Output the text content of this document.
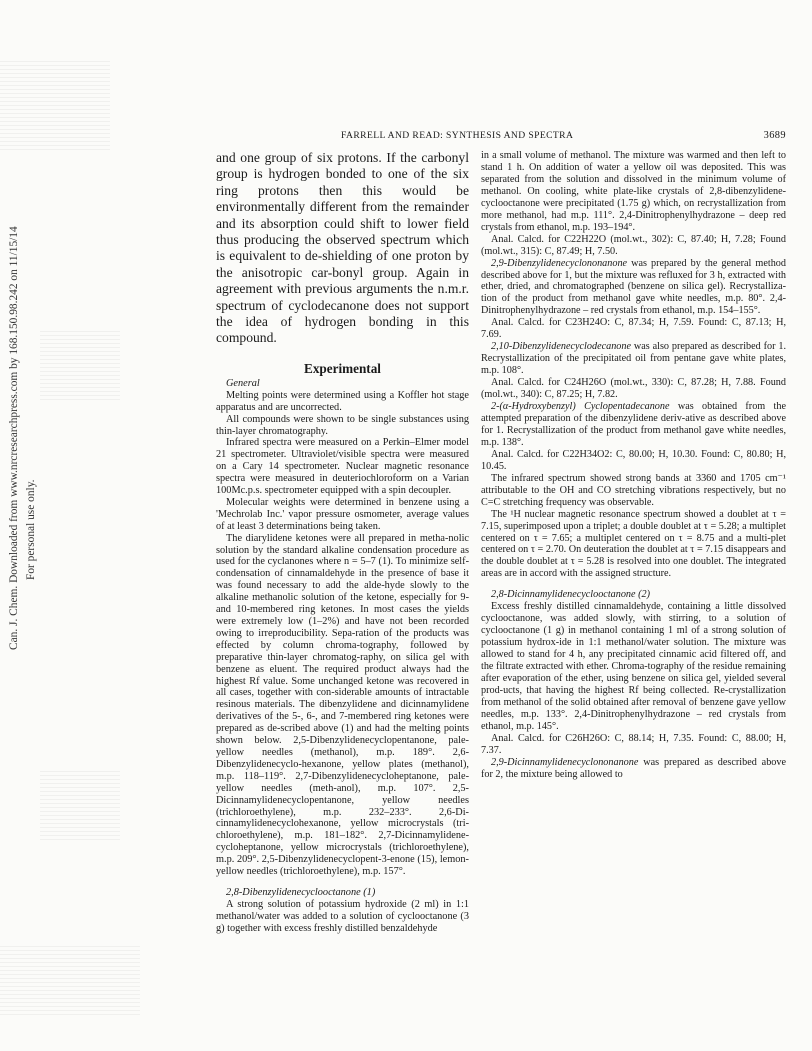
Can. J. Chem. Downloaded from www.nrcresearchpress.com by 168.150.98.242 on 11/15/14 For personal use only.
FARRELL AND READ: SYNTHESIS AND SPECTRA	3689

and one group of six protons. If the carbonyl group is hydrogen bonded to one of the six ring protons then this would be environmentally different from the remainder and its absorption could shift to lower field thus producing the observed spectrum which is equivalent to de-shielding of one proton by the anisotropic car-bonyl group. Again in agreement with previous arguments the n.m.r. spectrum of cyclodecanone does not support the idea of hydrogen bonding in this compound.

Experimental

General

Melting points were determined using a Koffler hot stage apparatus and are uncorrected.

All compounds were shown to be single substances using thin-layer chromatography.

Infrared spectra were measured on a Perkin–Elmer model 21 spectrometer. Ultraviolet/visible spectra were measured on a Cary 14 spectrometer. Nuclear magnetic resonance spectra were measured in deuteriochloroform on a Varian 100Mc.p.s. spectrometer equipped with a spin decoupler.

Molecular weights were determined in benzene using a 'Mechrolab Inc.' vapor pressure osmometer, average values of at least 3 determinations being taken.

The diarylidene ketones were all prepared in metha-nolic solution by the standard alkaline condensation procedure as used for the cyclanones where n = 5–7 (1). To minimize self-condensation of cinnamaldehyde in the presence of base it was found necessary to add the alde-hyde slowly to the alkaline methanolic solution of the ketone, especially for 9- and 10-membered ring ketones. In most cases the yields were extremely low (1–2%) and have not been recorded owing to irreproducibility. Sepa-ration of the products was effected by column chroma-tography, followed by preparative thin-layer chromatog-raphy, on silica gel with benzene as eluent. The required product always had the highest Rf value. Some unchanged ketone was recovered in all cases, together with con-siderable amounts of intractable resinous materials. The dibenzylidene and dicinnamylidene derivatives of the 5-, 6-, and 7-membered ring ketones were prepared as de-scribed above (1) and had the melting points shown below. 2,5-Dibenzylidenecyclopentanone, pale-yellow needles (methanol), m.p. 189°. 2,6-Dibenzylidenecyclo-hexanone, yellow plates (methanol), m.p. 118–119°. 2,7-Dibenzylidenecycloheptanone, pale-yellow needles (meth-anol), m.p. 107°. 2,5-Dicinnamylidenecyclopentanone, yellow needles (trichloroethylene), m.p. 232–233°. 2,6-Di-cinnamylidenecyclohexanone, yellow microcrystals (tri-chloroethylene), m.p. 181–182°. 2,7-Dicinnamylidene-cycloheptanone, yellow microcrystals (trichloroethylene), m.p. 209°. 2,5-Dibenzylidenecyclopent-3-enone (15), lemon-yellow needles (trichloroethylene), m.p. 157°.

2,8-Dibenzylidenecyclooctanone (1)

A strong solution of potassium hydroxide (2 ml) in 1:1 methanol/water was added to a solution of cyclooctanone (3 g) together with excess freshly distilled benzaldehyde

in a small volume of methanol. The mixture was warmed and then left to stand 1 h. On addition of water a yellow oil was deposited. This was separated from the solution and dissolved in the minimum volume of methanol. On cooling, white plate-like crystals of 2,8-dibenzylidene-cyclooctanone were precipitated (1.75 g) which, on recrystallization from more methanol, had m.p. 111°. 2,4-Dinitrophenylhydrazone – deep red crystals from ethanol, m.p. 193–194°.

Anal. Calcd. for C22H22O (mol.wt., 302): C, 87.40; H, 7.28; Found (mol.wt., 315): C, 87.49; H, 7.50.

2,9-Dibenzylidenecyclononanone was prepared by the general method described above for 1, but the mixture was refluxed for 3 h, extracted with ether, dried, and chromatographed (benzene on silica gel). Recrystalliza-tion of the product from methanol gave white needles, m.p. 80°. 2,4-Dinitrophenylhydrazone – red crystals from ethanol, m.p. 154–155°.

Anal. Calcd. for C23H24O: C, 87.34; H, 7.59. Found: C, 87.13; H, 7.69.

2,10-Dibenzylidenecyclodecanone was also prepared as described for 1. Recrystallization of the precipitated oil from pentane gave white plates, m.p. 108°.

Anal. Calcd. for C24H26O (mol.wt., 330): C, 87.28; H, 7.88. Found (mol.wt., 340): C, 87.25; H, 7.82.

2-(α-Hydroxybenzyl) Cyclopentadecanone was obtained from the attempted preparation of the dibenzylidene deriv-ative as described above for 1. Recrystallization of the product from methanol gave white needles, m.p. 138°.

Anal. Calcd. for C22H34O2: C, 80.00; H, 10.30. Found: C, 80.80; H, 10.45.

The infrared spectrum showed strong bands at 3360 and 1705 cm⁻¹ attributable to the OH and CO stretching vibrations respectively, but no C=C stretching frequency was observable.

The ¹H nuclear magnetic resonance spectrum showed a doublet at τ = 7.15, superimposed upon a triplet; a double doublet at τ = 5.28; a multiplet centered on τ = 7.65; a multiplet centered on τ = 8.75 and a multi-plet centered on τ = 2.70. On deuteration the doublet at τ = 7.15 disappears and the double doublet at τ = 5.28 is resolved into one doublet. The integrated areas are in accord with the assigned structure.

2,8-Dicinnamylidenecyclooctanone (2)

Excess freshly distilled cinnamaldehyde, containing a little dissolved cyclooctanone, was added slowly, with stirring, to a solution of cyclooctanone (1 g) in methanol containing 1 ml of a strong solution of potassium hydrox-ide in 1:1 methanol/water solution. The mixture was allowed to stand for 4 h, any precipitated cinnamic acid filtered off, and the filtrate extracted with ether. Chroma-tography of the residue remaining after evaporation of the ether, using benzene on silica gel, yielded several prod-ucts, that having the highest Rf being collected. Re-crystallization from methanol of the solid obtained after removal of benzene gave yellow needles, m.p. 133°. 2,4-Dinitrophenylhydrazone – red crystals from ethanol, m.p. 145°.

Anal. Calcd. for C26H26O: C, 88.14; H, 7.35. Found: C, 88.00; H, 7.37.

2,9-Dicinnamylidenecyclononanone was prepared as described above for 2, the mixture being allowed to
